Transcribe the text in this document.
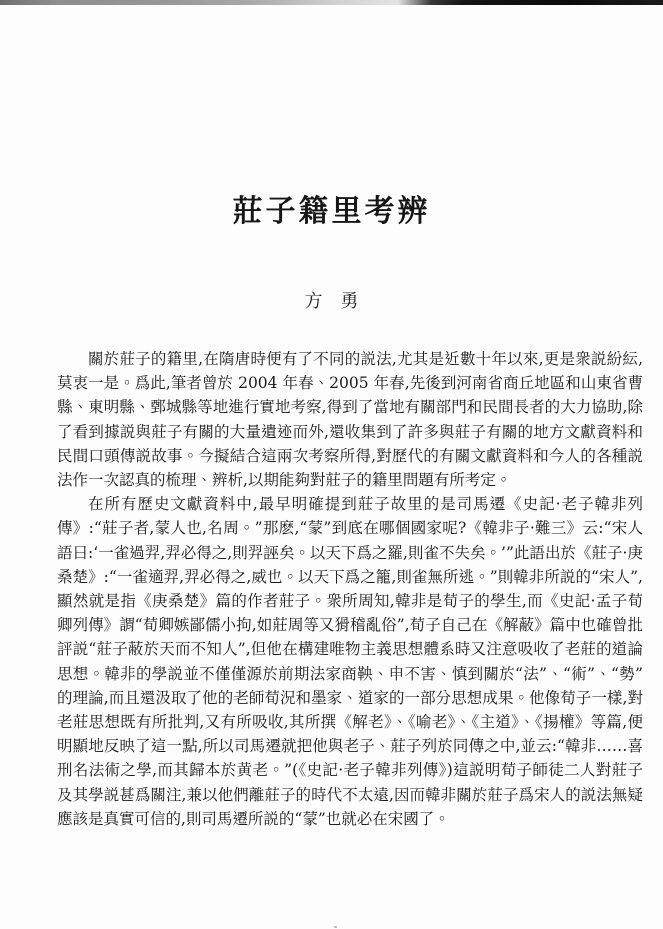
莊子籍里考辨
方　勇

關於莊子的籍里,在隋唐時便有了不同的説法,尤其是近數十年以來,更是衆説紛紜,莫衷一是。爲此,筆者曾於 2004 年春、2005 年春,先後到河南省商丘地區和山東省曹縣、東明縣、鄄城縣等地進行實地考察,得到了當地有關部門和民間長者的大力協助,除了看到據説與莊子有關的大量遺迹而外,還收集到了許多與莊子有關的地方文獻資料和民間口頭傳説故事。今擬結合這兩次考察所得,對歷代的有關文獻資料和今人的各種説法作一次認真的梳理、辨析,以期能夠對莊子的籍里問題有所考定。

在所有歷史文獻資料中,最早明確提到莊子故里的是司馬遷《史記·老子韓非列傳》:“莊子者,蒙人也,名周。”那麽,“蒙”到底在哪個國家呢?《韓非子·難三》云:“宋人語曰:‘一雀過羿,羿必得之,則羿誣矣。以天下爲之羅,則雀不失矣。’”此語出於《莊子·庚桑楚》:“一雀適羿,羿必得之,威也。以天下爲之籠,則雀無所逃。”則韓非所説的“宋人”,顯然就是指《庚桑楚》篇的作者莊子。衆所周知,韓非是荀子的學生,而《史記·孟子荀卿列傳》謂“荀卿嫉鄙儒小拘,如莊周等又猾稽亂俗”,荀子自己在《解蔽》篇中也確曾批評説“莊子蔽於天而不知人”,但他在構建唯物主義思想體系時又注意吸收了老莊的道論思想。韓非的學説並不僅僅源於前期法家商鞅、申不害、慎到關於“法”、“術”、“勢”的理論,而且還汲取了他的老師荀況和墨家、道家的一部分思想成果。他像荀子一樣,對老莊思想既有所批判,又有所吸收,其所撰《解老》、《喻老》、《主道》、《揚權》等篇,便明顯地反映了這一點,所以司馬遷就把他與老子、莊子列於同傳之中,並云:“韓非……喜刑名法術之學,而其歸本於黄老。”(《史記·老子韓非列傳》)這説明荀子師徒二人對莊子及其學説甚爲關注,兼以他們離莊子的時代不太遠,因而韓非關於莊子爲宋人的説法無疑應該是真實可信的,則司馬遷所説的“蒙”也就必在宋國了。
